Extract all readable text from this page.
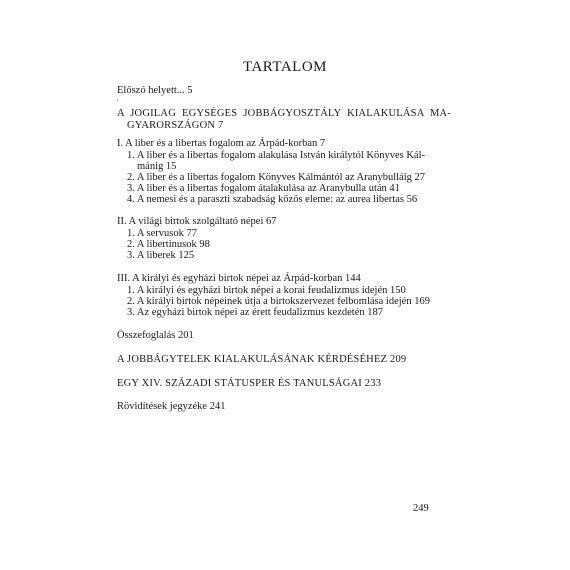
TARTALOM
Előszó helyett... 5
'
A JOGILAG EGYSÉGES JOBBÁGYOSZTÁLY KIALAKULÁSA MA-
GYARORSZÁGON 7
I. A liber és a libertas fogalom az Árpád-korban 7
1. A liber és a libertas fogalom alakulása István királytól Könyves Kál-
mánig 15
2. A liber és a libertas fogalom Könyves Kálmántól az Aranybulláig 27
3. A liber és a libertas fogalom átalakulása az Aranybulla után 41
4. A nemesi és a paraszti szabadság közös eleme: az aurea libertas 56
II. A világi birtok szolgáltató népei 67
1. A servusok 77
2. A libertinusok 98
3. A liberek 125
III. A királyi és egyházi birtok népei az Árpád-korban 144
1. A királyi és egyházi birtok népei a korai feudalizmus idején 150
2. A királyi birtok népeinek útja a birtokszervezet felbomlása idején 169
3. Az egyházi birtok népei az érett feudalizmus kezdetén 187
Összefoglalás 201
A JOBBÁGYTELEK KIALAKULÁSÁNAK KÉRDÉSÉHEZ 209
EGY XIV. SZÁZADI STÁTUSPER ÉS TANULSÁGAI 233
Rövidítések jegyzéke 241
249
